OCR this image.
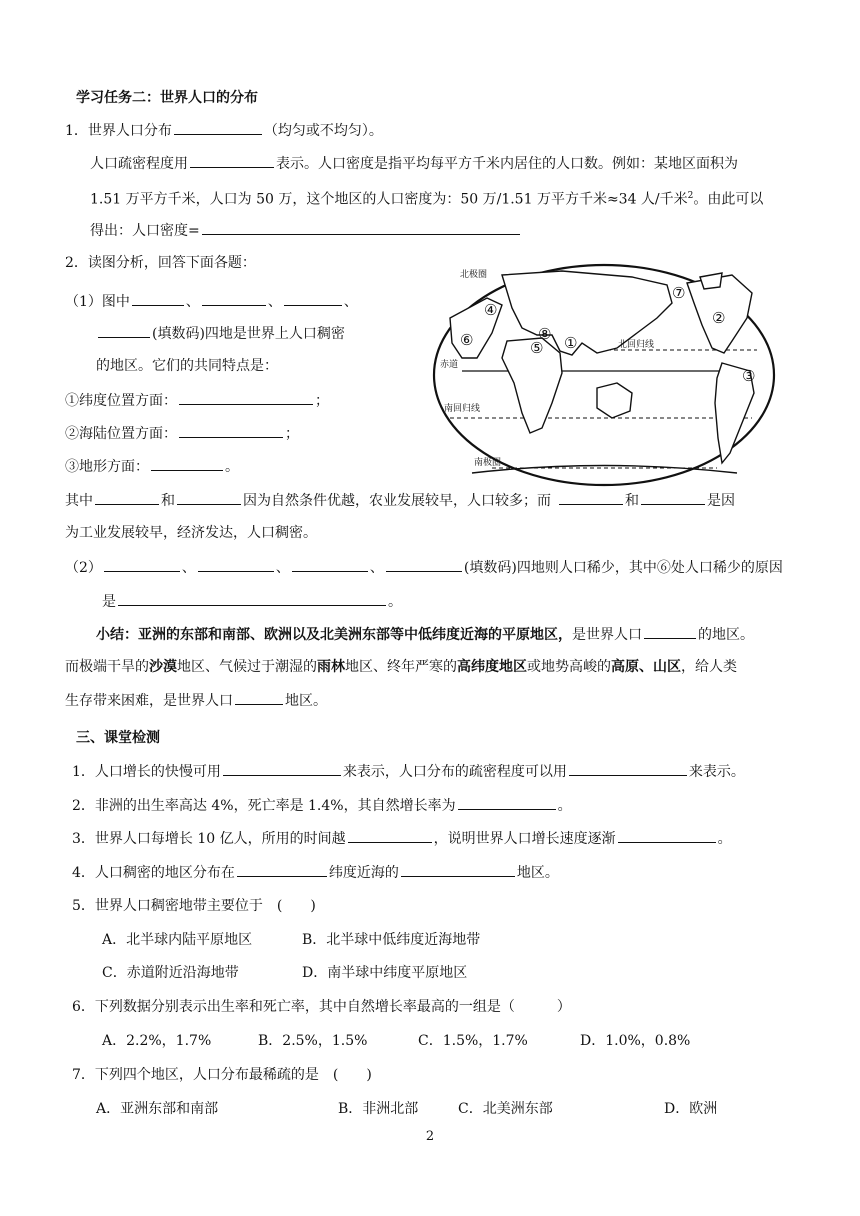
学习任务二：世界人口的分布
1．世界人口分布	（均匀或不均匀）。
人口疏密程度用	表示。人口密度是指平均每平方千米内居住的人口数。例如：某地区面积为
1.51 万平方千米，人口为 50 万，这个地区的人口密度为：50 万/1.51 万平方千米≈34 人/千米$^2$。由此可以
得出：人口密度=
2．读图分析，回答下面各题：
（1）图中	、	、	、
(填数码)四地是世界上人口稠密
的地区。它们的共同特点是：
①纬度位置方面：	；
②海陆位置方面：	；
③地形方面：	。
其中	和	因为自然条件优越，农业发展较早，人口较多；而	和	是因
为工业发展较早，经济发达，人口稠密。
（2）	、	、	、	(填数码)四地则人口稀少，其中⑥处人口稀少的原因
是	。
小结：亚洲的东部和南部、欧洲以及北美洲东部等中低纬度近海的平原地区，是世界人口	的地区。
而极端干旱的沙漠地区、气候过于潮湿的雨林地区、终年严寒的高纬度地区或地势高峻的高原、山区，给人类
生存带来困难，是世界人口	地区。
北极圈
北回归线
赤道
南回归线
南极圈
①
②
③
④
⑤
⑥
⑦
⑧
三、课堂检测
1．人口增长的快慢可用	来表示，人口分布的疏密程度可以用	来表示。
2．非洲的出生率高达 4%，死亡率是 1.4%，其自然增长率为	。
3．世界人口每增长 10 亿人，所用的时间越	，说明世界人口增长速度逐渐	。
4．人口稠密的地区分布在	纬度近海的	地区。
5．世界人口稠密地带主要位于　(　　)
A．北半球内陆平原地区	B．北半球中低纬度近海地带
C．赤道附近沿海地带	D．南半球中纬度平原地区
6．下列数据分别表示出生率和死亡率，其中自然增长率最高的一组是（　　　）
A．2.2%，1.7%	B．2.5%，1.5%	C．1.5%，1.7%	D．1.0%，0.8%
7．下列四个地区，人口分布最稀疏的是　(　　)
A．亚洲东部和南部	B．非洲北部	C．北美洲东部	D．欧洲
2
